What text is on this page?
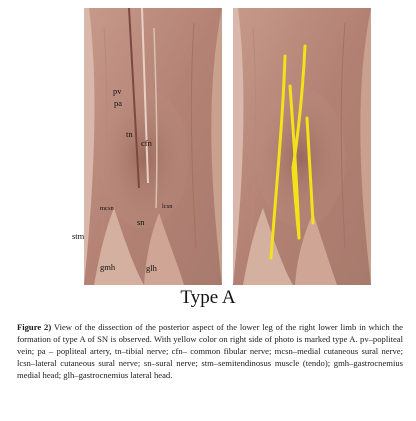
pv
pa
tn
cfn
mcsn	lcsn
sn
gmh	glh
stm
Type A
Figure 2) View of the dissection of the posterior aspect of the lower leg of the right lower limb in which the formation of type A of SN is observed. With yellow color on right side of photo is marked type A. pv–popliteal vein; pa – popliteal artery, tn–tibial nerve; cfn– common fibular nerve; mcsn–medial cutaneous sural nerve; lcsn–lateral cutaneous sural nerve; sn–sural nerve; stm–semitendinosus muscle (tendo); gmh–gastrocnemius medial head; glh–gastrocnemius lateral head.
